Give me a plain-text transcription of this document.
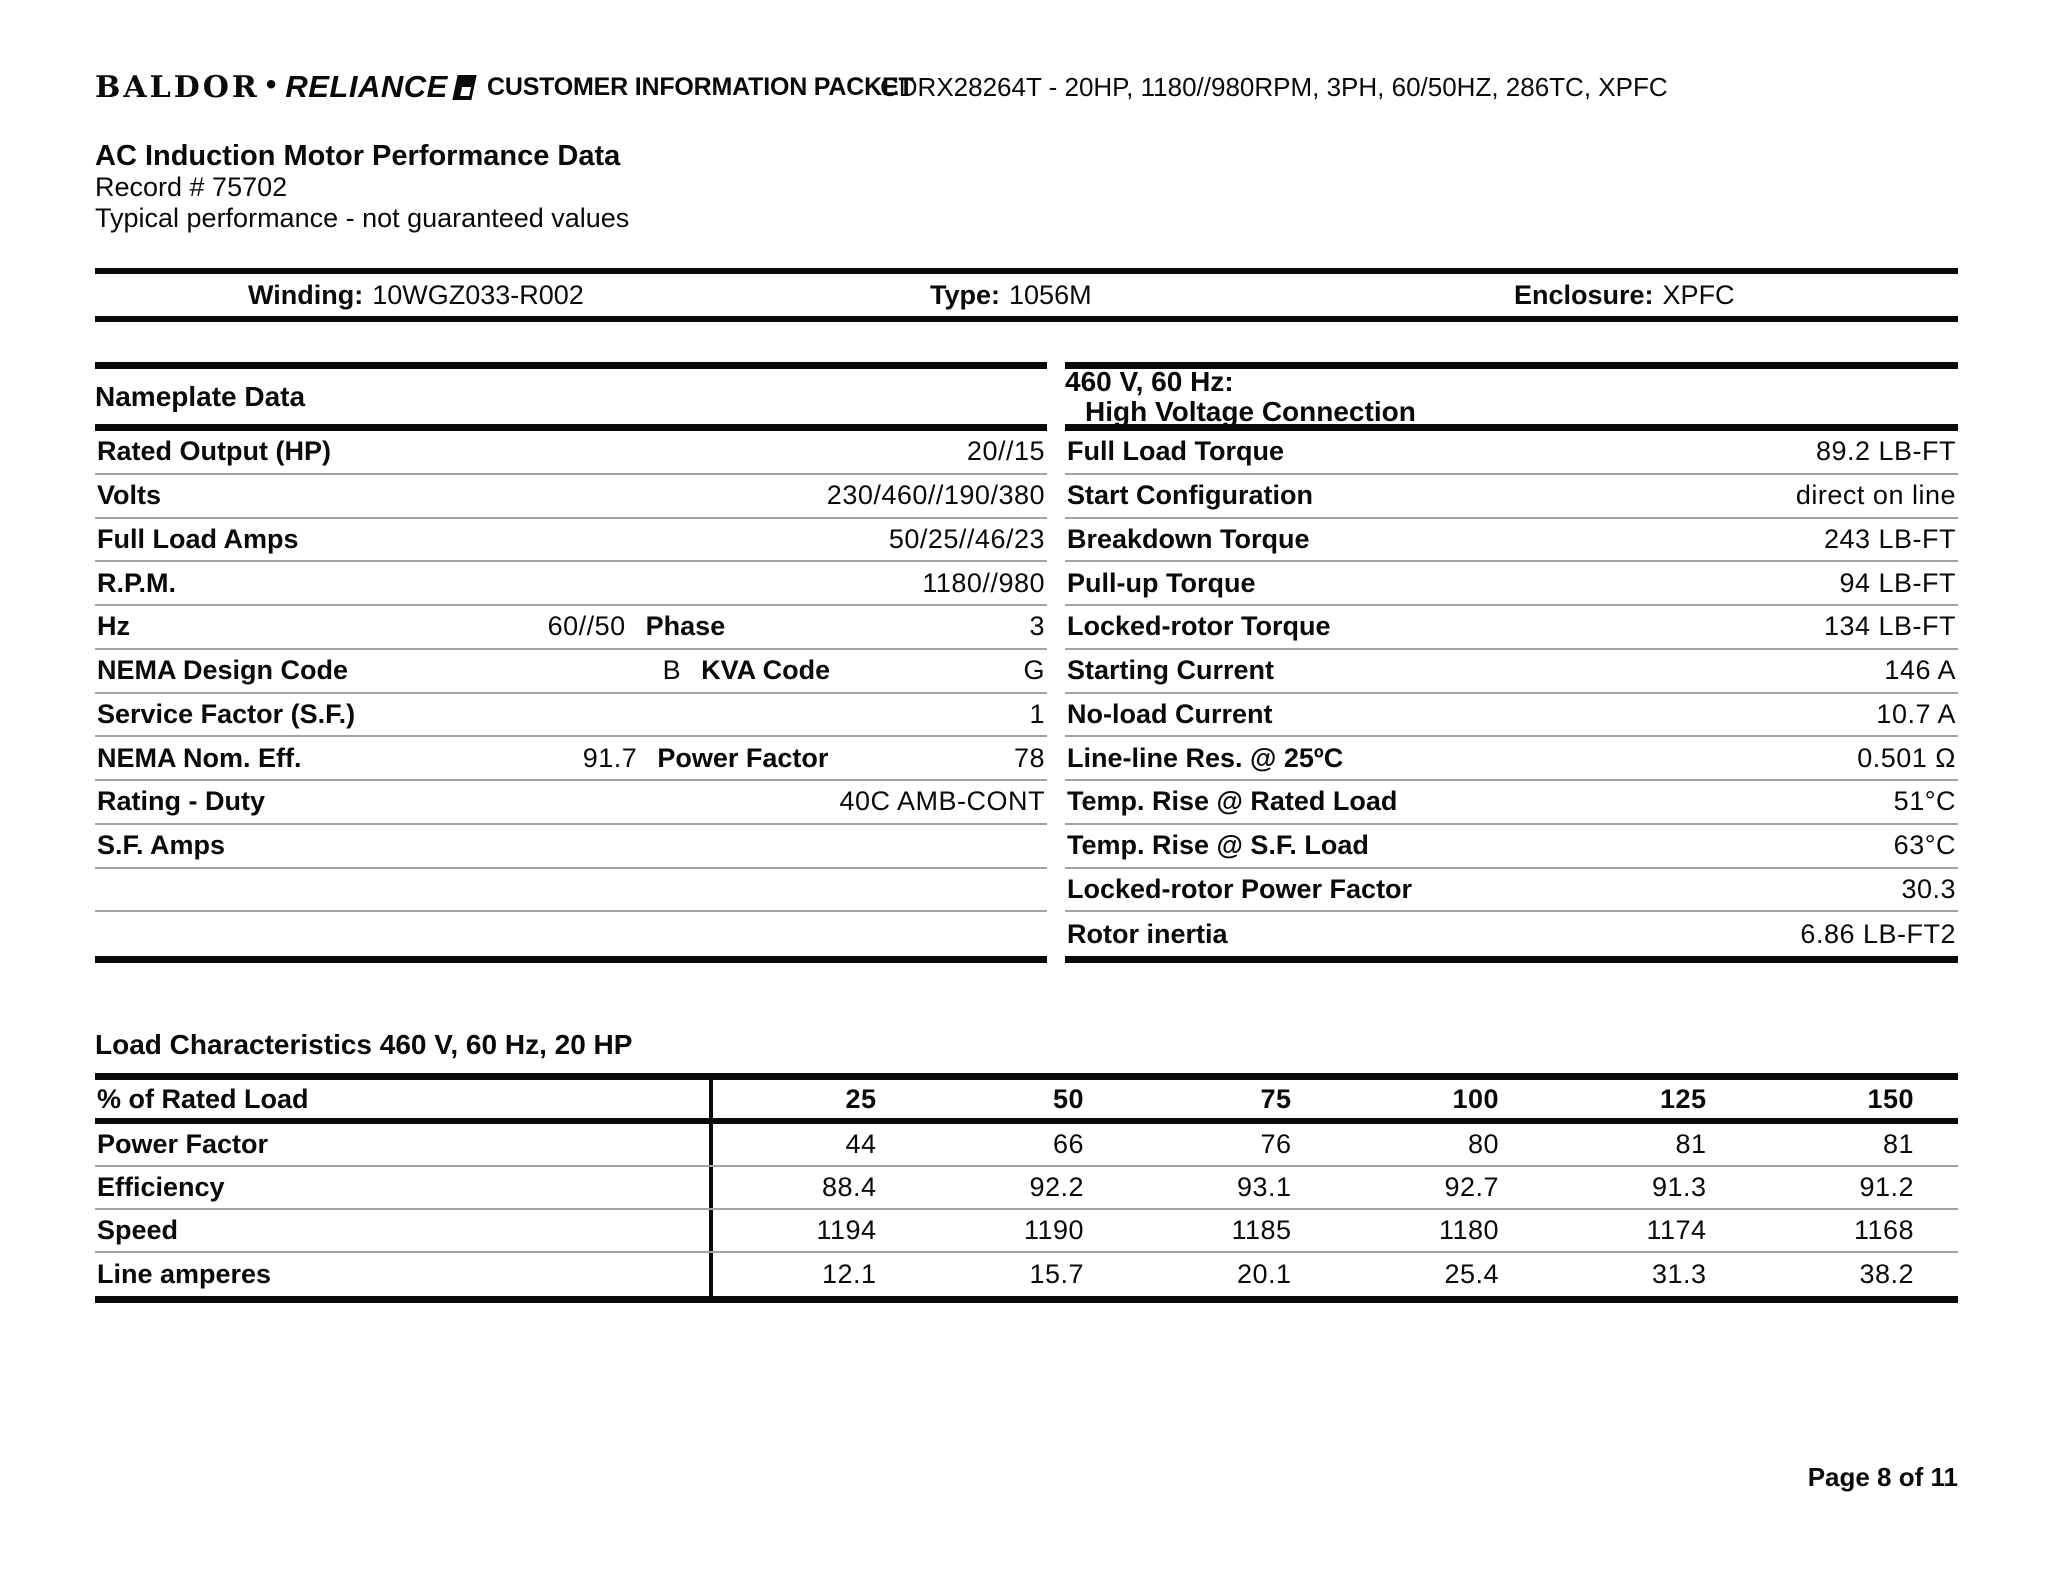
BALDOR • RELIANCE CUSTOMER INFORMATION PACKET
CDRX28264T - 20HP, 1180//980RPM, 3PH, 60/50HZ, 286TC, XPFC
AC Induction Motor Performance Data
Record # 75702
Typical performance - not guaranteed values
Winding: 10WGZ033-R002	Type: 1056M	Enclosure: XPFC
Nameplate Data
Rated Output (HP)	20//15
Volts	230/460//190/380
Full Load Amps	50/25//46/23
R.P.M.	1180//980
Hz	60//50 Phase	3
NEMA Design Code	B KVA Code	G
Service Factor (S.F.)	1
NEMA Nom. Eff.	91.7 Power Factor	78
Rating - Duty	40C AMB-CONT
S.F. Amps
460 V, 60 Hz:
High Voltage Connection
Full Load Torque	89.2 LB-FT
Start Configuration	direct on line
Breakdown Torque	243 LB-FT
Pull-up Torque	94 LB-FT
Locked-rotor Torque	134 LB-FT
Starting Current	146 A
No-load Current	10.7 A
Line-line Res. @ 25ºC	0.501 Ω
Temp. Rise @ Rated Load	51°C
Temp. Rise @ S.F. Load	63°C
Locked-rotor Power Factor	30.3
Rotor inertia	6.86 LB-FT2
Load Characteristics 460 V, 60 Hz, 20 HP
% of Rated Load	25	50	75	100	125	150
Power Factor	44	66	76	80	81	81
Efficiency	88.4	92.2	93.1	92.7	91.3	91.2
Speed	1194	1190	1185	1180	1174	1168
Line amperes	12.1	15.7	20.1	25.4	31.3	38.2
Page 8 of 11
